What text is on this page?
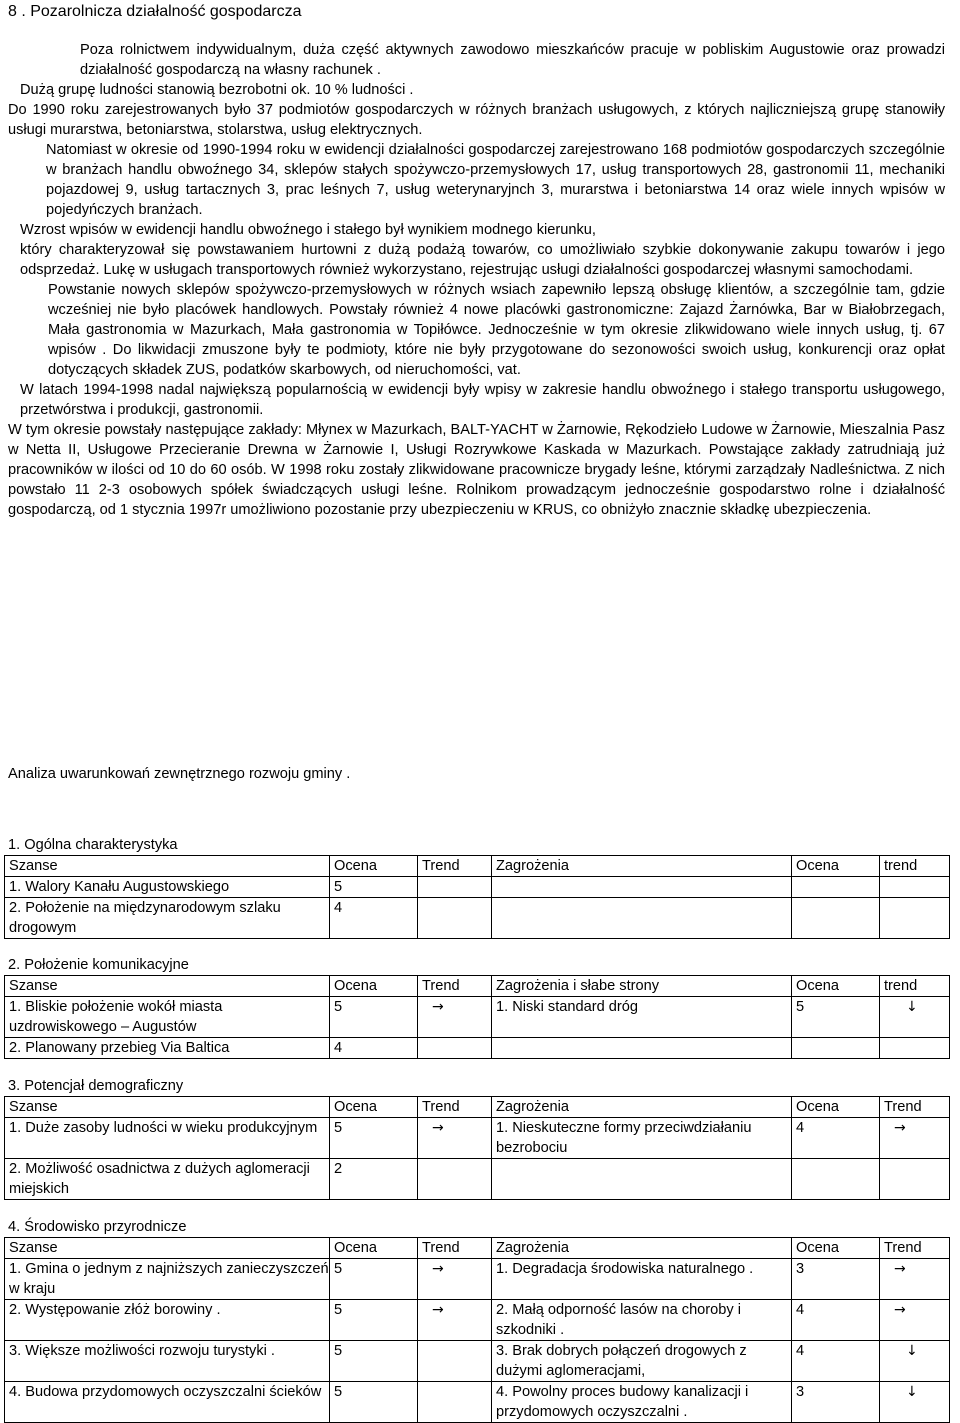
8 . Pozarolnicza działalność gospodarcza

Poza rolnictwem indywidualnym, duża część aktywnych zawodowo mieszkańców pracuje w pobliskim Augustowie oraz prowadzi działalność gospodarczą na własny rachunek .

Dużą grupę ludności stanowią bezrobotni ok. 10 % ludności .

Do 1990 roku zarejestrowanych było 37 podmiotów gospodarczych w różnych branżach usługowych, z których najliczniejszą grupę stanowiły usługi murarstwa, betoniarstwa, stolarstwa, usług elektrycznych.

Natomiast w okresie od 1990-1994 roku w ewidencji działalności gospodarczej zarejestrowano 168 podmiotów gospodarczych szczególnie w branżach handlu obwoźnego 34, sklepów stałych spożywczo-przemysłowych 17, usług transportowych 28, gastronomii 11, mechaniki pojazdowej 9, usług tartacznych 3, prac leśnych 7, usług weterynaryjnch 3, murarstwa i betoniarstwa 14 oraz wiele innych wpisów w pojedyńczych branżach.

Wzrost wpisów w ewidencji handlu obwoźnego i stałego był wynikiem modnego kierunku,

który charakteryzował się powstawaniem hurtowni z dużą podażą towarów, co umożliwiało szybkie dokonywanie zakupu towarów i jego odsprzedaż. Lukę w usługach transportowych również wykorzystano, rejestrując usługi działalności gospodarczej własnymi samochodami.

Powstanie nowych sklepów spożywczo-przemysłowych w różnych wsiach zapewniło lepszą obsługę klientów, a szczególnie tam, gdzie wcześniej nie było placówek handlowych. Powstały również 4 nowe placówki gastronomiczne: Zajazd Żarnówka, Bar w Białobrzegach, Mała gastronomia w Mazurkach, Mała gastronomia w Topiłówce. Jednocześnie w tym okresie zlikwidowano wiele innych usług, tj. 67 wpisów . Do likwidacji zmuszone były te podmioty, które nie były przygotowane do sezonowości swoich usług, konkurencji oraz opłat dotyczących składek ZUS, podatków skarbowych, od nieruchomości, vat.

W latach 1994-1998 nadal największą popularnością w ewidencji były wpisy w zakresie handlu obwoźnego i stałego transportu usługowego, przetwórstwa i produkcji, gastronomii.

W tym okresie powstały następujące zakłady: Młynex w Mazurkach, BALT-YACHT w Żarnowie, Rękodzieło Ludowe w Żarnowie, Mieszalnia Pasz w Netta II, Usługowe Przecieranie Drewna w Żarnowie I, Usługi Rozrywkowe Kaskada w Mazurkach. Powstające zakłady zatrudniają już pracowników w ilości od 10 do 60 osób. W 1998 roku zostały zlikwidowane pracownicze brygady leśne, którymi zarządzały Nadleśnictwa. Z nich powstało 11 2-3 osobowych spółek świadczących usługi leśne. Rolnikom prowadzącym jednocześnie gospodarstwo rolne i działalność gospodarczą, od 1 stycznia 1997r umożliwiono pozostanie przy ubezpieczeniu w KRUS, co obniżyło znacznie składkę ubezpieczenia.

Analiza uwarunkowań zewnętrznego rozwoju gminy .
1. Ogólna charakterystyka
Szanse	Ocena	Trend	Zagrożenia	Ocena	trend
1. Walory Kanału Augustowskiego	5				
2. Położenie na międzynarodowym szlaku drogowym	4				
2. Położenie komunikacyjne
Szanse	Ocena	Trend	Zagrożenia i słabe strony	Ocena	trend
1. Bliskie położenie wokół miasta uzdrowiskowego – Augustów	5	→	1. Niski standard dróg	5	↓
2. Planowany przebieg Via Baltica	4				
3. Potencjał demograficzny
Szanse	Ocena	Trend	Zagrożenia	Ocena	Trend
1. Duże zasoby ludności w wieku produkcyjnym	5	→	1. Nieskuteczne formy przeciwdziałaniu bezrobociu	4	→
2. Możliwość osadnictwa z dużych aglomeracji miejskich	2				
4. Środowisko przyrodnicze
Szanse	Ocena	Trend	Zagrożenia	Ocena	Trend
1. Gmina o jednym z najniższych zanieczyszczeń w kraju	5	→	1. Degradacja środowiska naturalnego .	3	→
2. Występowanie złóż borowiny .	5	→	2. Małą odporność lasów na choroby i szkodniki .	4	→
3. Większe możliwości rozwoju turystyki .	5		3. Brak dobrych połączeń drogowych z dużymi aglomeracjami,	4	↓
4. Budowa przydomowych oczyszczalni ścieków	5		4. Powolny proces budowy kanalizacji i przydomowych oczyszczalni .	3	↓
